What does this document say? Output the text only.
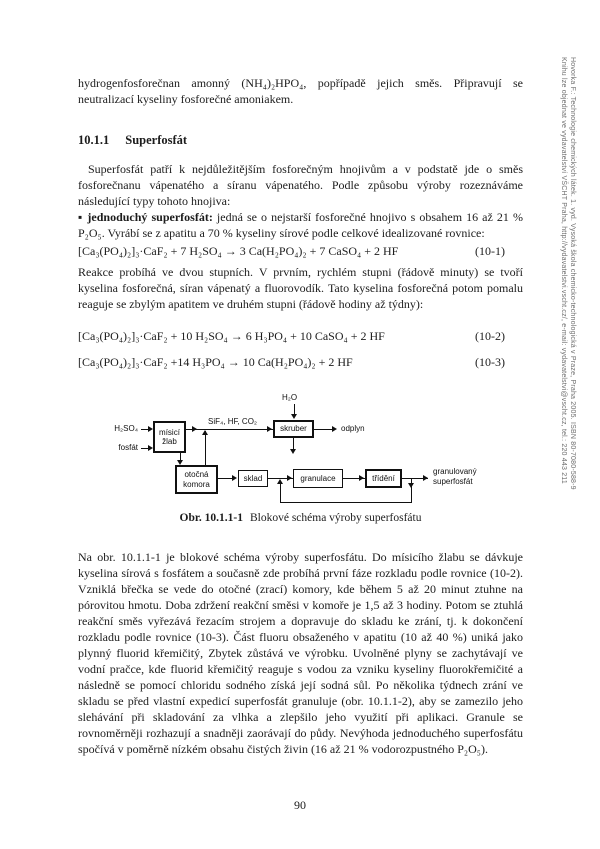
hydrogenfosforečnan amonný (NH₄)₂HPO₄, popřípadě jejich směs. Připravují se neutralizací kyseliny fosforečné amoniakem.

10.1.1 Superfosfát

Superfosfát patří k nejdůležitějším fosforečným hnojivům a v podstatě jde o směs fosforečnanu vápenatého a síranu vápenatého. Podle způsobu výroby rozeznáváme následující typy tohoto hnojiva:

▪ jednoduchý superfosfát: jedná se o nejstarší fosforečné hnojivo s obsahem 16 až 21 % P₂O₅. Vyrábí se z apatitu a 70 % kyseliny sírové podle celkové idealizované rovnice:

[Ca₃(PO₄)₂]₃·CaF₂ + 7 H₂SO₄ → 3 Ca(H₂PO₄)₂ + 7 CaSO₄ + 2 HF	(10-1)

Reakce probíhá ve dvou stupních. V prvním, rychlém stupni (řádově minuty) se tvoří kyselina fosforečná, síran vápenatý a fluorovodík. Tato kyselina fosforečná potom pomalu reaguje se zbylým apatitem ve druhém stupni (řádově hodiny až týdny):

[Ca₃(PO₄)₂]₃·CaF₂ + 10 H₂SO₄ → 6 H₃PO₄ + 10 CaSO₄ + 2 HF	(10-2)
[Ca₃(PO₄)₂]₃·CaF₂ +14 H₃PO₄ → 10 Ca(H₂PO₄)₂ + 2 HF	(10-3)
H₂SO₄
fosfát
mísicí
žlab
SiF₄, HF, CO₂
H₂O
skruber	odplyn
otočná
komora
sklad	granulace	třídění
granulovaný
superfosfát
Obr. 10.1.1-1 Blokové schéma výroby superfosfátu

Na obr. 10.1.1-1 je blokové schéma výroby superfosfátu. Do mísicího žlabu se dávkuje kyselina sírová s fosfátem a současně zde probíhá první fáze rozkladu podle rovnice (10-2). Vzniklá břečka se vede do otočné (zrací) komory, kde během 5 až 20 minut ztuhne na pórovitou hmotu. Doba zdržení reakční směsi v komoře je 1,5 až 3 hodiny. Potom se ztuhlá reakční směs vyřezává řezacím strojem a dopravuje do skladu ke zrání, tj. k dokončení rozkladu podle rovnice (10-3). Část fluoru obsaženého v apatitu (10 až 40 %) uniká jako plynný fluorid křemičitý, Zbytek zůstává ve výrobku. Uvolněné plyny se zachytávají ve vodní pračce, kde fluorid křemičitý reaguje s vodou za vzniku kyseliny fluorokřemičité a následně se pomocí chloridu sodného získá její sodná sůl. Po několika týdnech zrání ve skladu se před vlastní expedicí superfosfát granuluje (obr. 10.1.1-2), aby se zamezilo jeho slehávání při skladování za vlhka a zlepšilo jeho využití při aplikaci. Granule se rovnoměrněji rozhazují a snadněji zaorávají do půdy. Nevýhoda jednoduchého superfosfátu spočívá v poměrně nízkém obsahu čistých živin (16 až 21 % vodorozpustného P₂O₅).

90
Hovorka F.: Technologie chemických látek. 1. vyd. Vysoká škola chemicko-technologická v Praze, Praha 2005. ISBN 80-7080-588-9
Knihu lze objednat ve vydavatelství VŠCHT Praha, http://vydavatelstvi.vscht.cz/, e-mail: vydavatelstvi@vscht.cz, tel.: 220 443 211
